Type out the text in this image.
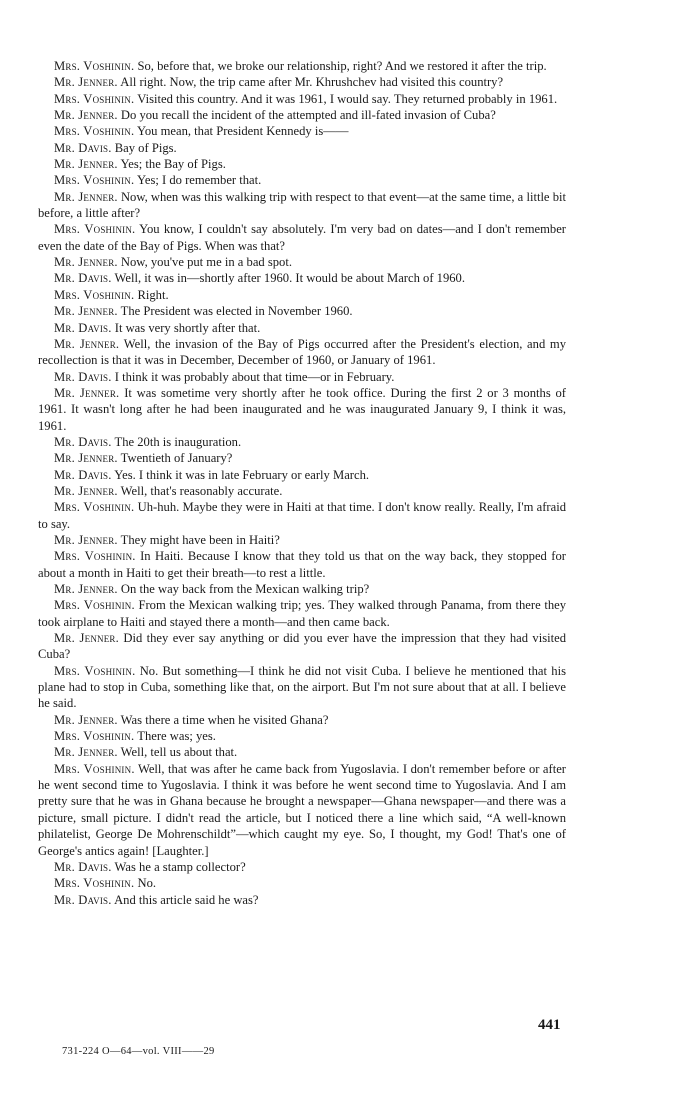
Mrs. Voshinin. So, before that, we broke our relationship, right? And we restored it after the trip.

Mr. Jenner. All right. Now, the trip came after Mr. Khrushchev had visited this country?

Mrs. Voshinin. Visited this country. And it was 1961, I would say. They returned probably in 1961.

Mr. Jenner. Do you recall the incident of the attempted and ill-fated invasion of Cuba?

Mrs. Voshinin. You mean, that President Kennedy is——

Mr. Davis. Bay of Pigs.

Mr. Jenner. Yes; the Bay of Pigs.

Mrs. Voshinin. Yes; I do remember that.

Mr. Jenner. Now, when was this walking trip with respect to that event—at the same time, a little bit before, a little after?

Mrs. Voshinin. You know, I couldn't say absolutely. I'm very bad on dates—and I don't remember even the date of the Bay of Pigs. When was that?

Mr. Jenner. Now, you've put me in a bad spot.

Mr. Davis. Well, it was in—shortly after 1960. It would be about March of 1960.

Mrs. Voshinin. Right.

Mr. Jenner. The President was elected in November 1960.

Mr. Davis. It was very shortly after that.

Mr. Jenner. Well, the invasion of the Bay of Pigs occurred after the President's election, and my recollection is that it was in December, December of 1960, or January of 1961.

Mr. Davis. I think it was probably about that time—or in February.

Mr. Jenner. It was sometime very shortly after he took office. During the first 2 or 3 months of 1961. It wasn't long after he had been inaugurated and he was inaugurated January 9, I think it was, 1961.

Mr. Davis. The 20th is inauguration.

Mr. Jenner. Twentieth of January?

Mr. Davis. Yes. I think it was in late February or early March.

Mr. Jenner. Well, that's reasonably accurate.

Mrs. Voshinin. Uh-huh. Maybe they were in Haiti at that time. I don't know really. Really, I'm afraid to say.

Mr. Jenner. They might have been in Haiti?

Mrs. Voshinin. In Haiti. Because I know that they told us that on the way back, they stopped for about a month in Haiti to get their breath—to rest a little.

Mr. Jenner. On the way back from the Mexican walking trip?

Mrs. Voshinin. From the Mexican walking trip; yes. They walked through Panama, from there they took airplane to Haiti and stayed there a month—and then came back.

Mr. Jenner. Did they ever say anything or did you ever have the impression that they had visited Cuba?

Mrs. Voshinin. No. But something—I think he did not visit Cuba. I believe he mentioned that his plane had to stop in Cuba, something like that, on the airport. But I'm not sure about that at all. I believe he said.

Mr. Jenner. Was there a time when he visited Ghana?

Mrs. Voshinin. There was; yes.

Mr. Jenner. Well, tell us about that.

Mrs. Voshinin. Well, that was after he came back from Yugoslavia. I don't remember before or after he went second time to Yugoslavia. I think it was before he went second time to Yugoslavia. And I am pretty sure that he was in Ghana because he brought a newspaper—Ghana newspaper—and there was a picture, small picture. I didn't read the article, but I noticed there a line which said, “A well-known philatelist, George De Mohrenschildt”—which caught my eye. So, I thought, my God! That's one of George's antics again! [Laughter.]

Mr. Davis. Was he a stamp collector?

Mrs. Voshinin. No.

Mr. Davis. And this article said he was?

441
731-224 O—64—vol. VIII——29
